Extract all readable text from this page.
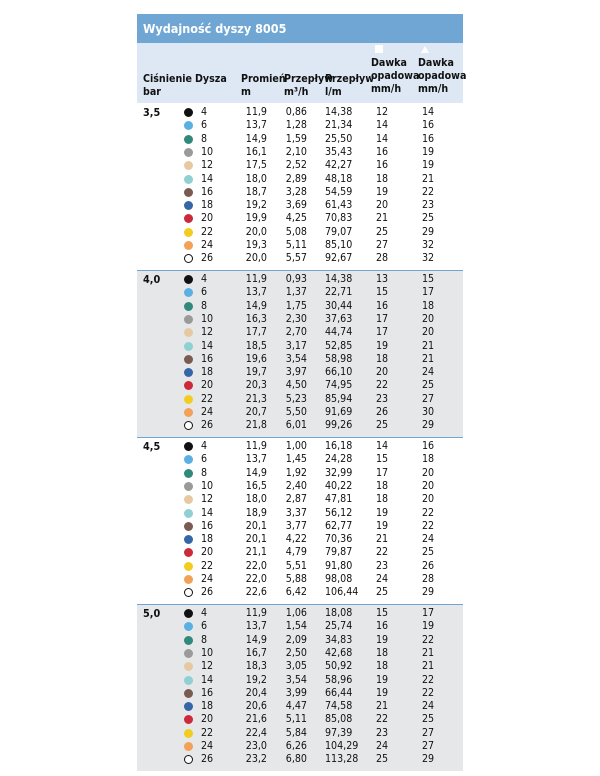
Wydajność dyszy 8005
Ciśnienie
bar
Dysza Promień
m
Przepływ
m³/h
Przepływ
l/m
Dawka
opadowa
mm/h
Dawka
opadowa
mm/h
3,5	4	11,9 0,86 14,38	12	14
6	13,7 1,28 21,34	14	16
8	14,9 1,59 25,50	14	16
10	16,1 2,10 35,43	16	19
12	17,5 2,52 42,27	16	19
14	18,0 2,89 48,18	18	21
16	18,7 3,28 54,59	19	22
18	19,2 3,69 61,43	20	23
20	19,9 4,25 70,83	21	25
22	20,0 5,08 79,07	25	29
24	19,3 5,11 85,10	27	32
26	20,0 5,57 92,67	28	32
4,0	4	11,9 0,93 14,38	13	15
6	13,7 1,37 22,71	15	17
8	14,9 1,75 30,44	16	18
10	16,3 2,30 37,63	17	20
12	17,7 2,70 44,74	17	20
14	18,5 3,17 52,85	19	21
16	19,6 3,54 58,98	18	21
18	19,7 3,97 66,10	20	24
20	20,3 4,50 74,95	22	25
22	21,3 5,23 85,94	23	27
24	20,7 5,50 91,69	26	30
26	21,8 6,01 99,26	25	29
4,5	4	11,9 1,00 16,18	14	16
6	13,7 1,45 24,28	15	18
8	14,9 1,92 32,99	17	20
10	16,5 2,40 40,22	18	20
12	18,0 2,87 47,81	18	20
14	18,9 3,37 56,12	19	22
16	20,1 3,77 62,77	19	22
18	20,1 4,22 70,36	21	24
20	21,1 4,79 79,87	22	25
22	22,0 5,51 91,80	23	26
24	22,0 5,88 98,08	24	28
26	22,6 6,42 106,44 25	29
5,0	4	11,9 1,06 18,08	15	17
6	13,7 1,54 25,74	16	19
8	14,9 2,09 34,83	19	22
10	16,7 2,50 42,68	18	21
12	18,3 3,05 50,92	18	21
14	19,2 3,54 58,96	19	22
16	20,4 3,99 66,44	19	22
18	20,6 4,47 74,58	21	24
20	21,6 5,11 85,08	22	25
22	22,4 5,84 97,39	23	27
24	23,0 6,26 104,29 24	27
26	23,2 6,80 113,28 25	29
